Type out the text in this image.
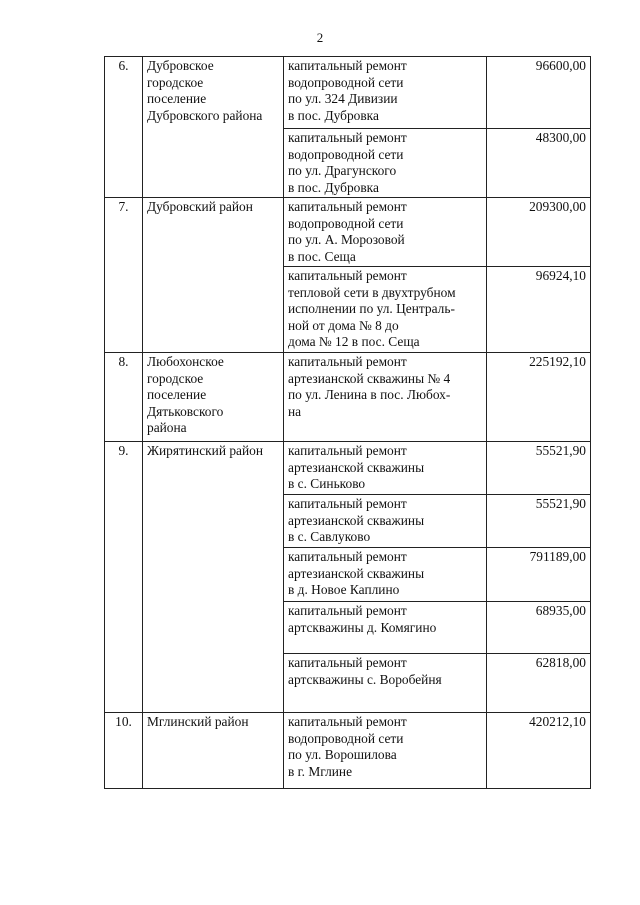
2
6.	Дубровское
городское
поселение
Дубровского района	капитальный ремонт
водопроводной сети
по ул. 324 Дивизии
в пос. Дубровка	96600,00
		капитальный ремонт
водопроводной сети
по ул. Драгунского
в пос. Дубровка	48300,00
7.	Дубровский район	капитальный ремонт
водопроводной сети
по ул. А. Морозовой
в пос. Сеща	209300,00
		капитальный ремонт
тепловой сети в двухтрубном
исполнении по ул. Централь-
ной от дома № 8 до
дома № 12 в пос. Сеща	96924,10
8.	Любохонское
городское
поселение
Дятьковского
района	капитальный ремонт
артезианской скважины № 4
по ул. Ленина в пос. Любох-
на	225192,10
9.	Жирятинский район	капитальный ремонт
артезианской скважины
в с. Синьково	55521,90
		капитальный ремонт
артезианской скважины
в с. Савлуково	55521,90
		капитальный ремонт
артезианской скважины
в д. Новое Каплино	791189,00
		капитальный ремонт
артскважины д. Комягино	68935,00
		капитальный ремонт
артскважины с. Воробейня	62818,00
10.	Мглинский район	капитальный ремонт
водопроводной сети
по ул. Ворошилова
в г. Мглине	420212,10
